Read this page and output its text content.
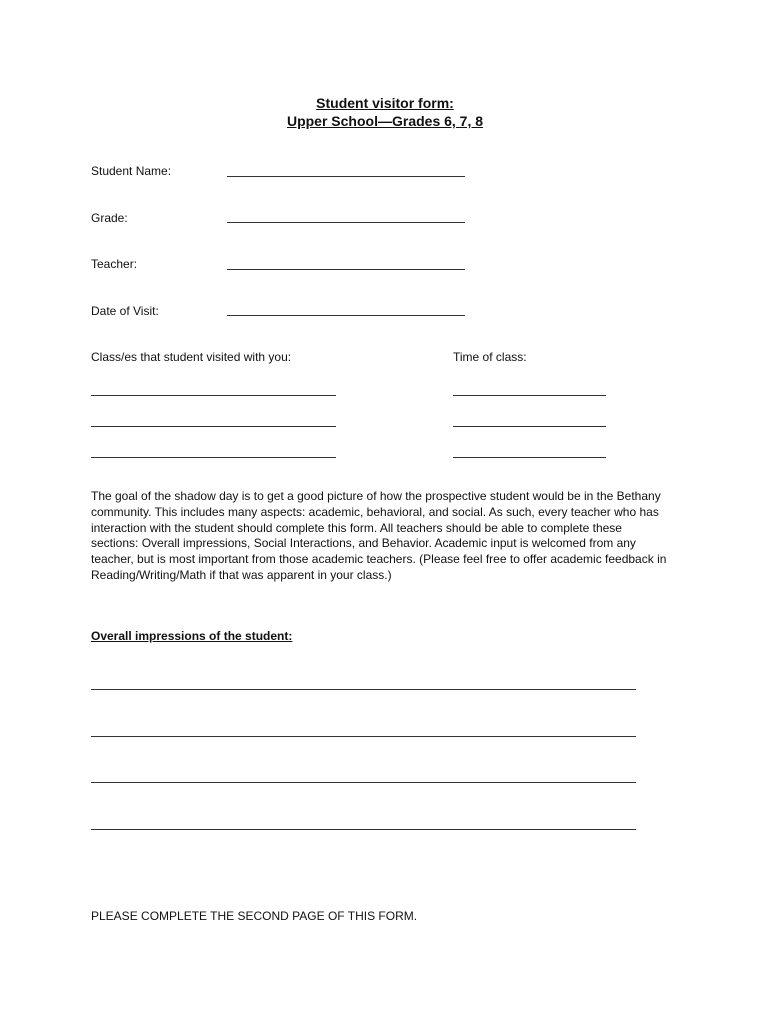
Student visitor form:
Upper School—Grades 6, 7, 8
Student Name:
Grade:
Teacher:
Date of Visit:
Class/es that student visited with you:	Time of class:
The goal of the shadow day is to get a good picture of how the prospective student would be in the Bethany community. This includes many aspects: academic, behavioral, and social. As such, every teacher who has interaction with the student should complete this form. All teachers should be able to complete these sections: Overall impressions, Social Interactions, and Behavior. Academic input is welcomed from any teacher, but is most important from those academic teachers. (Please feel free to offer academic feedback in Reading/Writing/Math if that was apparent in your class.)
Overall impressions of the student:
PLEASE COMPLETE THE SECOND PAGE OF THIS FORM.
